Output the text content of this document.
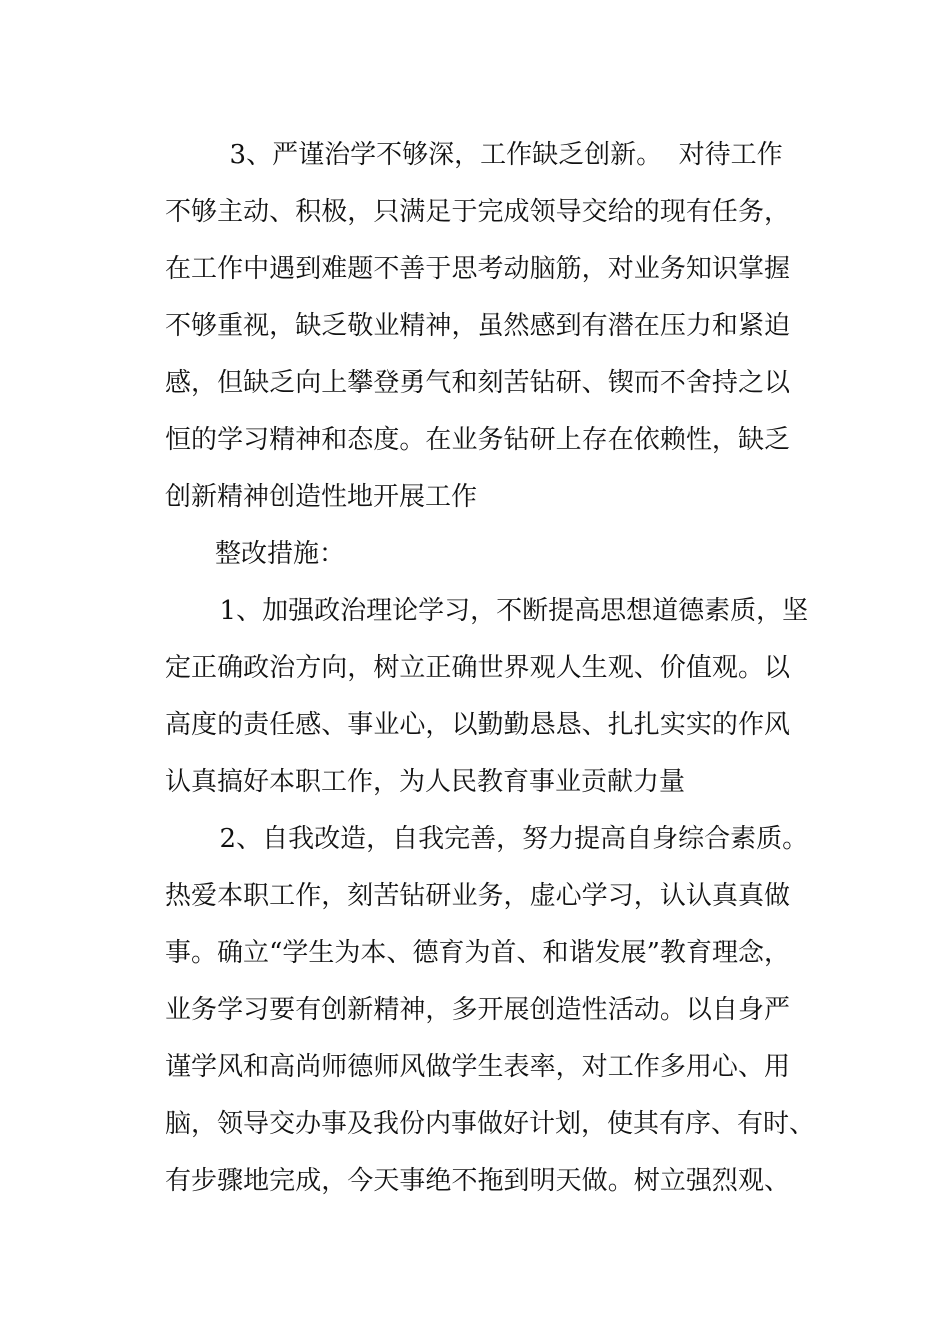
3、严谨治学不够深，工作缺乏创新。  对待工作
不够主动、积极，只满足于完成领导交给的现有任务，
在工作中遇到难题不善于思考动脑筋，对业务知识掌握
不够重视，缺乏敬业精神，虽然感到有潜在压力和紧迫
感，但缺乏向上攀登勇气和刻苦钻研、锲而不舍持之以
恒的学习精神和态度。在业务钻研上存在依赖性，缺乏
创新精神创造性地开展工作
整改措施：
1、加强政治理论学习，不断提高思想道德素质，坚
定正确政治方向，树立正确世界观人生观、价值观。以
高度的责任感、事业心，以勤勤恳恳、扎扎实实的作风
认真搞好本职工作，为人民教育事业贡献力量
2、自我改造，自我完善，努力提高自身综合素质。
热爱本职工作，刻苦钻研业务，虚心学习，认认真真做
事。确立“学生为本、德育为首、和谐发展”教育理念，
业务学习要有创新精神，多开展创造性活动。以自身严
谨学风和高尚师德师风做学生表率，对工作多用心、用
脑，领导交办事及我份内事做好计划，使其有序、有时、
有步骤地完成，今天事绝不拖到明天做。树立强烈观、
